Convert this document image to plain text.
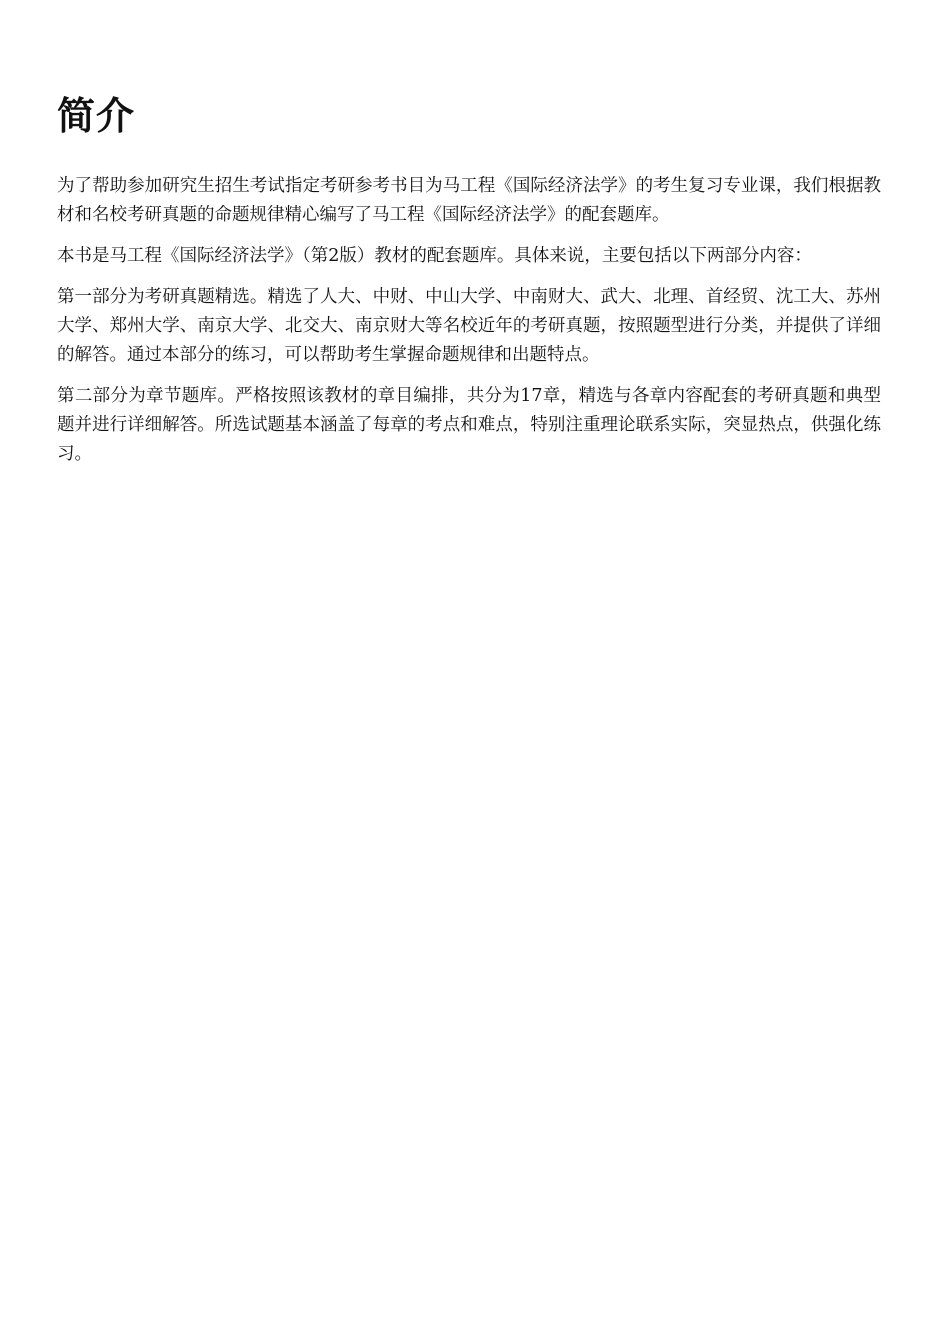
简介

为了帮助参加研究生招生考试指定考研参考书目为马工程《国际经济法学》的考生复习专业课，我们根据教材和名校考研真题的命题规律精心编写了马工程《国际经济法学》的配套题库。

本书是马工程《国际经济法学》（第2版）教材的配套题库。具体来说，主要包括以下两部分内容：

第一部分为考研真题精选。精选了人大、中财、中山大学、中南财大、武大、北理、首经贸、沈工大、苏州大学、郑州大学、南京大学、北交大、南京财大等名校近年的考研真题，按照题型进行分类，并提供了详细的解答。通过本部分的练习，可以帮助考生掌握命题规律和出题特点。

第二部分为章节题库。严格按照该教材的章目编排，共分为17章，精选与各章内容配套的考研真题和典型题并进行详细解答。所选试题基本涵盖了每章的考点和难点，特别注重理论联系实际，突显热点，供强化练习。
